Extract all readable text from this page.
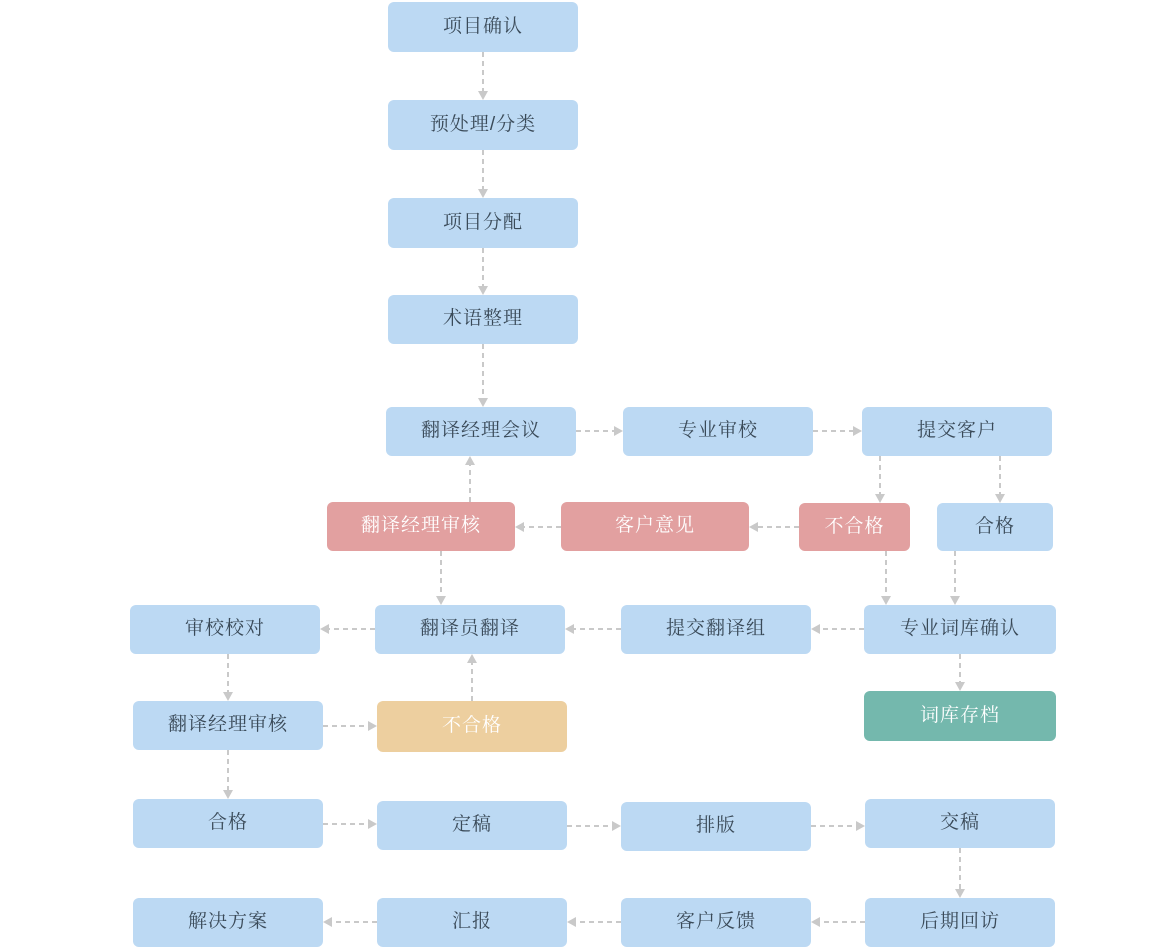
项目确认
预处理/分类
项目分配
术语整理
翻译经理会议	专业审校	提交客户
翻译经理审核	客户意见	不合格	合格
审校校对	翻译员翻译	提交翻译组	专业词库确认
翻译经理审核	不合格	词库存档
合格	定稿	排版	交稿
解决方案	汇报	客户反馈	后期回访
